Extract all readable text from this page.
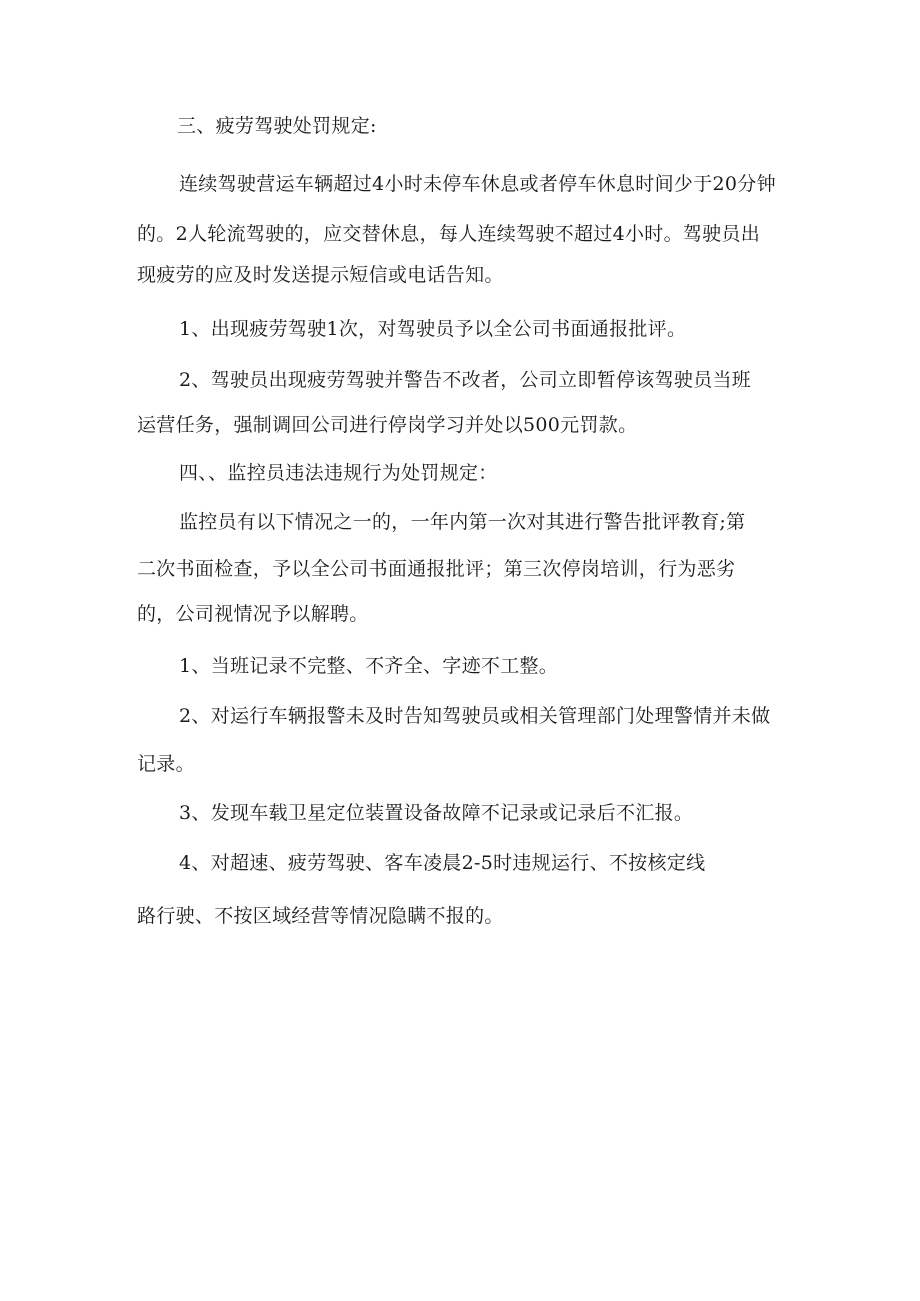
三、疲劳驾驶处罚规定:
连续驾驶营运车辆超过4小时未停车休息或者停车休息时间少于20分钟
的。2人轮流驾驶的，应交替休息，每人连续驾驶不超过4小时。驾驶员出
现疲劳的应及时发送提示短信或电话告知。
1、出现疲劳驾驶1次，对驾驶员予以全公司书面通报批评。
2、驾驶员出现疲劳驾驶并警告不改者，公司立即暂停该驾驶员当班
运营任务，强制调回公司进行停岗学习并处以500元罚款。
四、、监控员违法违规行为处罚规定：
监控员有以下情况之一的，一年内第一次对其进行警告批评教育;第
二次书面检查，予以全公司书面通报批评；第三次停岗培训，行为恶劣
的，公司视情况予以解聘。
1、当班记录不完整、不齐全、字迹不工整。
2、对运行车辆报警未及时告知驾驶员或相关管理部门处理警情并未做
记录。
3、发现车载卫星定位装置设备故障不记录或记录后不汇报。
4、对超速、疲劳驾驶、客车凌晨2-5时违规运行、不按核定线
路行驶、不按区域经营等情况隐瞒不报的。
